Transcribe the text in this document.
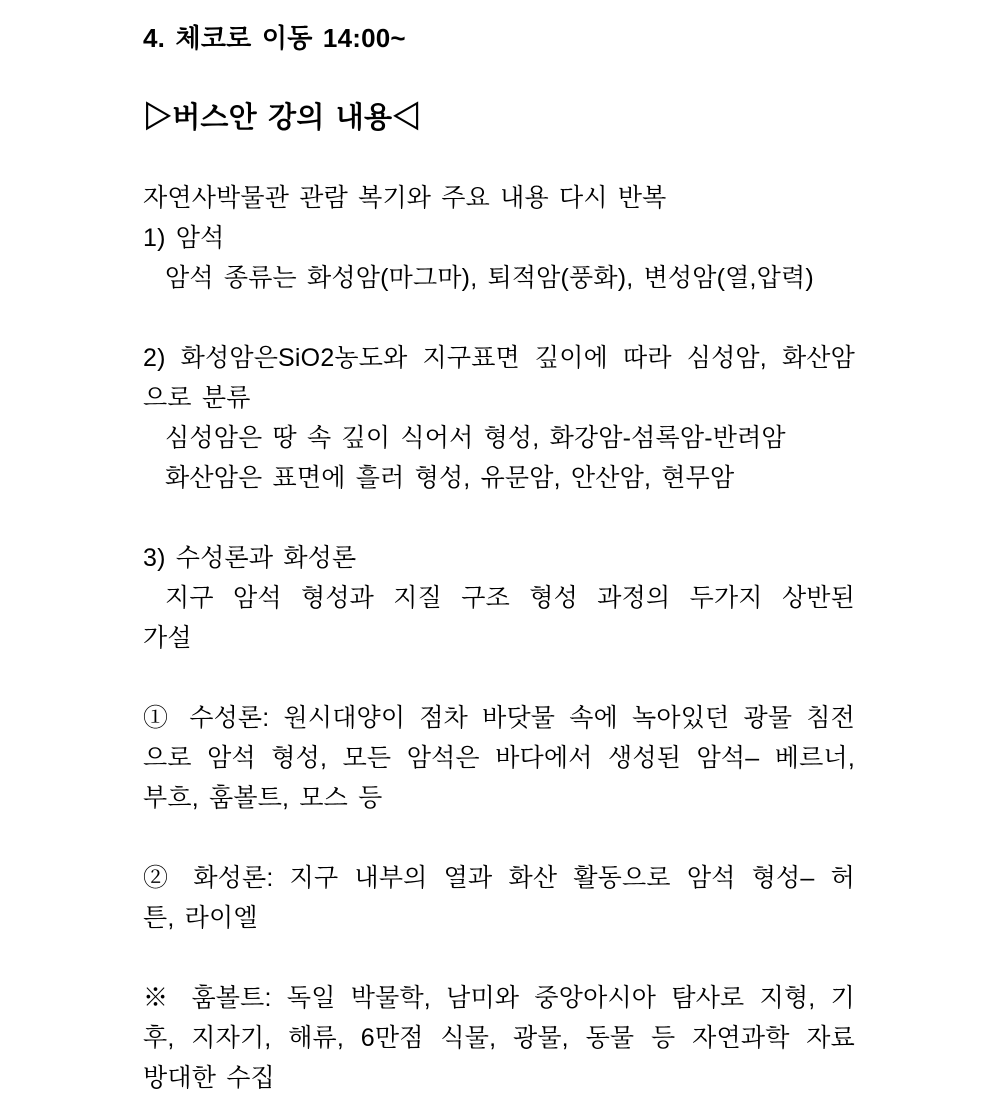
4. 체코로 이동 14:00~
▷버스안 강의 내용◁
자연사박물관 관람 복기와 주요 내용 다시 반복
1) 암석
암석 종류는 화성암(마그마), 퇴적암(풍화), 변성암(열,압력)
2) 화성암은SiO2농도와 지구표면 깊이에 따라 심성암, 화산암
으로 분류
심성암은 땅 속 깊이 식어서 형성, 화강암-섬록암-반려암
화산암은 표면에 흘러 형성, 유문암, 안산암, 현무암
3) 수성론과 화성론
지구 암석 형성과 지질 구조 형성 과정의 두가지 상반된
가설
① 수성론: 원시대양이 점차 바닷물 속에 녹아있던 광물 침전
으로 암석 형성, 모든 암석은 바다에서 생성된 암석– 베르너,
부흐, 훔볼트, 모스 등
② 화성론: 지구 내부의 열과 화산 활동으로 암석 형성– 허
튼, 라이엘
※ 훔볼트: 독일 박물학, 남미와 중앙아시아 탐사로 지형, 기
후, 지자기, 해류, 6만점 식물, 광물, 동물 등 자연과학 자료
방대한 수집
